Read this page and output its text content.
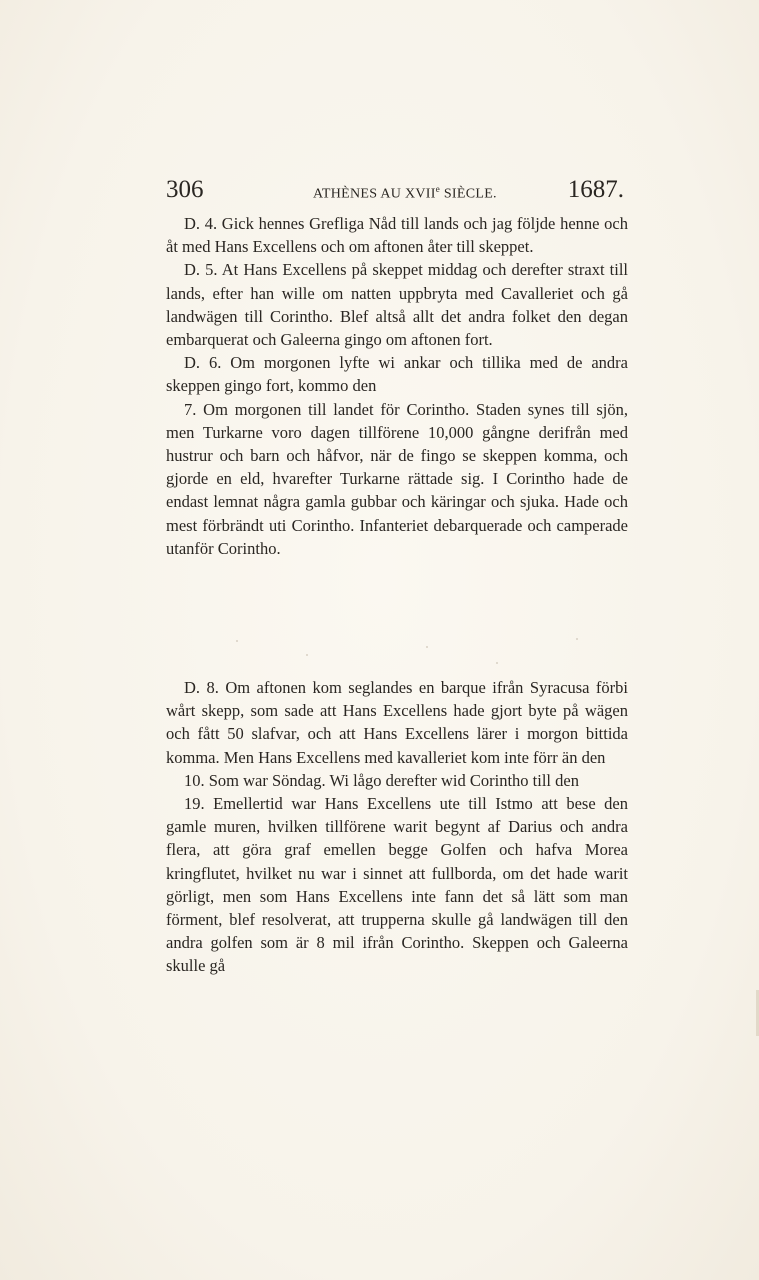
306	ATHÈNES AU XVIIe SIÈCLE.	1687.

D. 4. Gick hennes Grefliga Nåd till lands och jag följde henne och åt med Hans Excellens och om aftonen åter till skeppet.

D. 5. At Hans Excellens på skeppet middag och derefter straxt till lands, efter han wille om natten uppbryta med Cavalleriet och gå landwägen till Corintho. Blef altså allt det andra folket den degan embarquerat och Galeerna gingo om aftonen fort.

D. 6. Om morgonen lyfte wi ankar och tillika med de andra skeppen gingo fort, kommo den

7. Om morgonen till landet för Corintho. Staden synes till sjön, men Turkarne voro dagen tillförene 10,000 gångne derifrån med hustrur och barn och håfvor, när de fingo se skeppen komma, och gjorde en eld, hvarefter Turkarne rättade sig. I Corintho hade de endast lemnat några gamla gubbar och käringar och sjuka. Hade och mest förbrändt uti Corintho. Infanteriet debarquerade och camperade utanför Corintho.

D. 8. Om aftonen kom seglandes en barque ifrån Syracusa förbi wårt skepp, som sade att Hans Excellens hade gjort byte på wägen och fått 50 slafvar, och att Hans Excellens lärer i morgon bittida komma. Men Hans Excellens med kavalleriet kom inte förr än den

10. Som war Söndag. Wi lågo derefter wid Corintho till den

19. Emellertid war Hans Excellens ute till Istmo att bese den gamle muren, hvilken tillförene warit begynt af Darius och andra flera, att göra graf emellen begge Golfen och hafva Morea kringflutet, hvilket nu war i sinnet att fullborda, om det hade warit görligt, men som Hans Excellens inte fann det så lätt som man förment, blef resolverat, att trupperna skulle gå landwägen till den andra golfen som är 8 mil ifrån Corintho. Skeppen och Galeerna skulle gå
